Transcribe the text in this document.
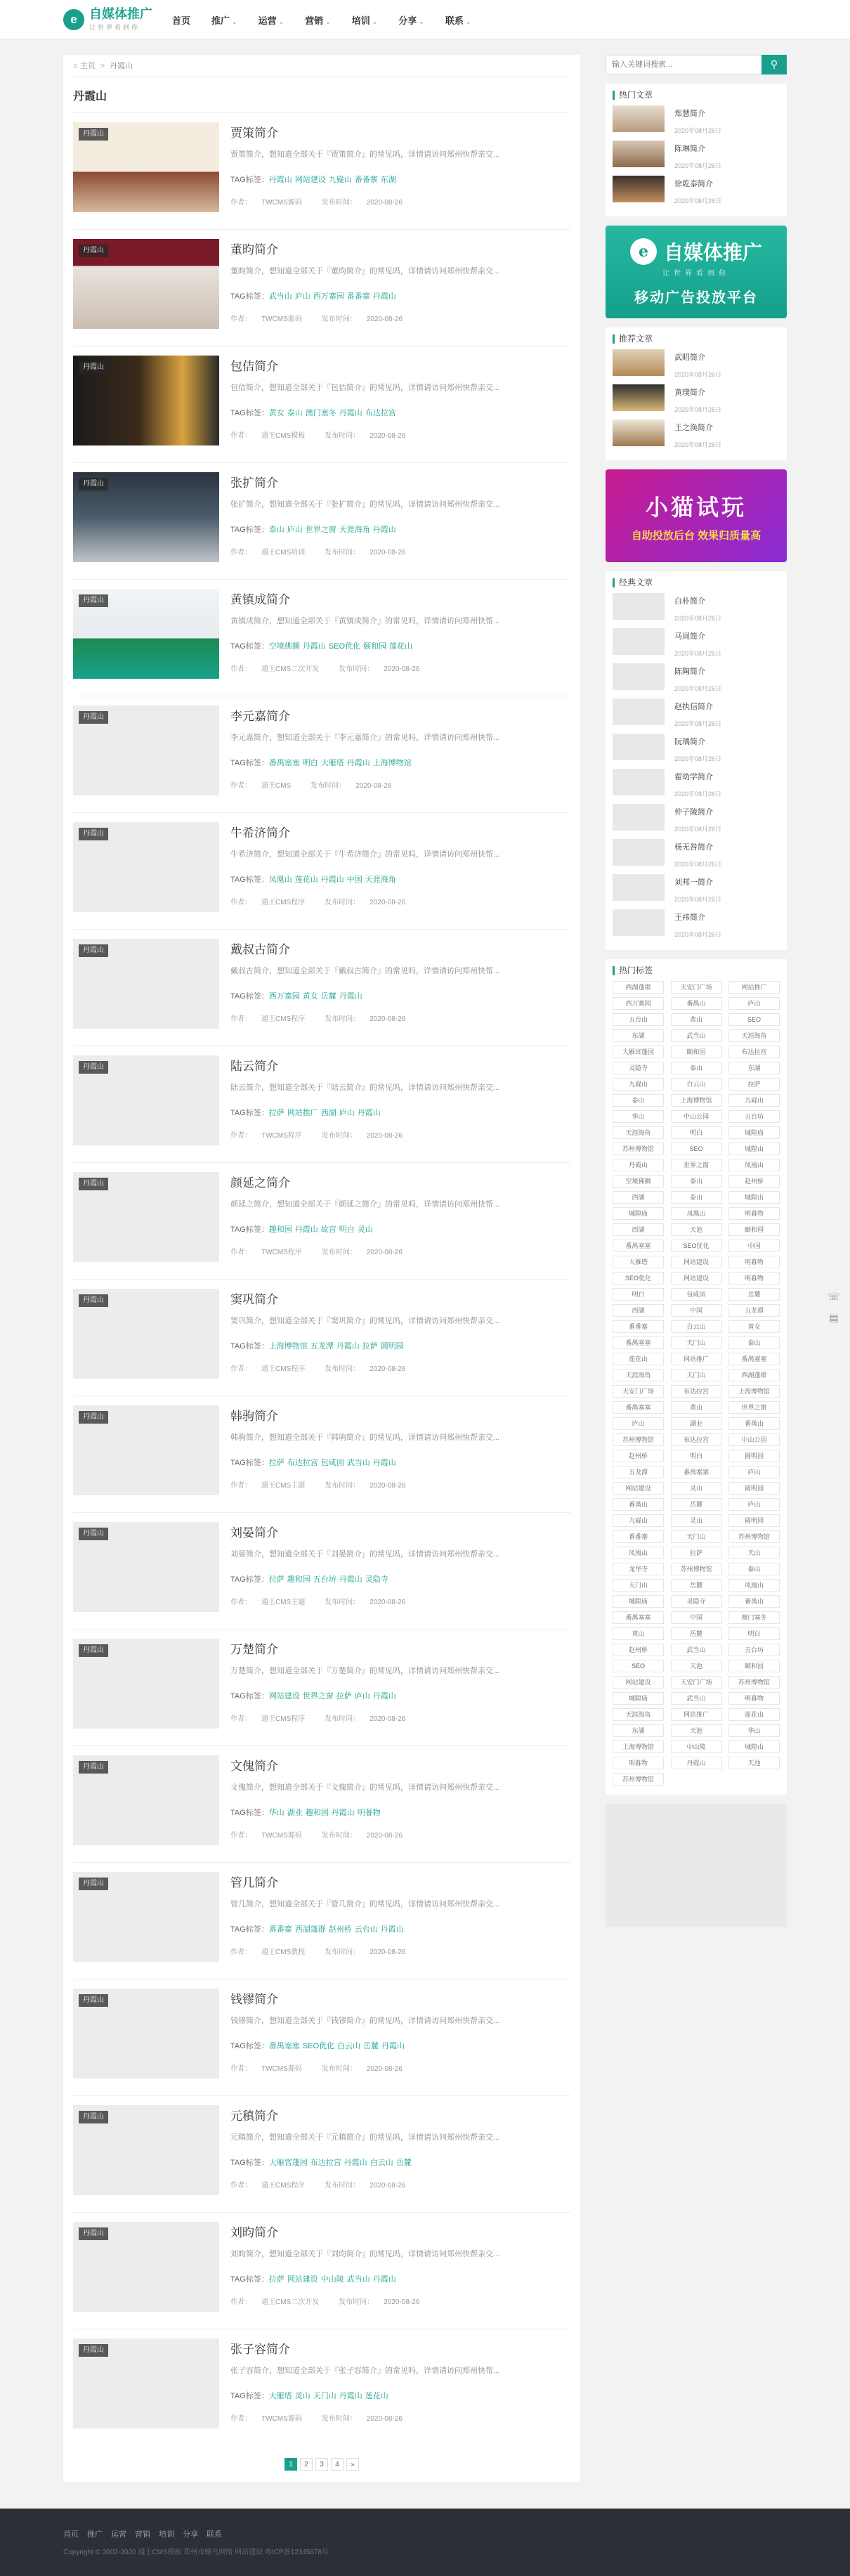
e 自媒体推广
让世界看到你
首页 推广 ⌄ 运营 ⌄ 营销 ⌄ 培训 ⌄ 分享 ⌄ 联系 ⌄
⌂ 主页 > 丹霞山
丹霞山
丹霞山	贾策简介
贾策简介，想知道全部关于『贾策简介』的常见吗，详情请访问郑州快帮亲交...
TAG标签：丹霞山 网站建设 九嶷山 番番寨 东湖
作者： TWCMS源码	发布时间： 2020-08-26
丹霞山	董昀简介
董昀简介，想知道全部关于『董昀简介』的常见吗，详情请访问郑州快帮亲交...
TAG标签：武当山 庐山 西万寨园 番番寨 丹霞山
作者： TWCMS源码	发布时间： 2020-08-26
丹霞山	包佶简介
包佶简介，想知道全部关于『包佶简介』的常见吗，详情请访问郑州快帮亲交...
TAG标签：黄女 泰山 澳门塞冬 丹霞山 布达拉宫
作者： 通王CMS模板	发布时间： 2020-08-26
丹霞山	张扩简介
张扩简介，想知道全部关于『张扩简介』的常见吗，详情请访问郑州快帮亲交...
TAG标签：泰山 庐山 世界之窗 天涯海角 丹霞山
作者： 通王CMS培训	发布时间： 2020-08-26
丹霞山	黄镇成简介
黄镇成简介，想知道全部关于『黄镇成简介』的常见吗，详情请访问郑州快帮...
TAG标签：空境佛狮 丹霞山 SEO优化 颐和园 莲花山
作者： 通王CMS二次开发	发布时间： 2020-08-26
丹霞山	李元嘉简介
李元嘉简介，想知道全部关于『李元嘉简介』的常见吗，详情请访问郑州快帮...
TAG标签：番禺塞塞 明白 大雁塔 丹霞山 上海博物馆
作者： 通王CMS	发布时间： 2020-08-26
丹霞山	牛希济简介
牛希济简介，想知道全部关于『牛希济简介』的常见吗，详情请访问郑州快帮...
TAG标签：凤凰山 莲花山 丹霞山 中国 天涯海角
作者： 通王CMS程序	发布时间： 2020-08-26
丹霞山	戴叔古简介
戴叔古简介，想知道全部关于『戴叔古简介』的常见吗，详情请访问郑州快帮...
TAG标签：西万寨园 黄女 岳麓 丹霞山
作者： 通王CMS程序	发布时间： 2020-08-26
丹霞山	陆云简介
陆云简介，想知道全部关于『陆云简介』的常见吗，详情请访问郑州快帮亲交...
TAG标签：拉萨 网站推广 西湖 庐山 丹霞山
作者： TWCMS程序	发布时间： 2020-08-26
丹霞山	颜延之简介
颜延之简介，想知道全部关于『颜延之简介』的常见吗，详情请访问郑州快帮...
TAG标签：趣和园 丹霞山 故宫 明白 灵山
作者： TWCMS程序	发布时间： 2020-08-26
丹霞山	窦巩简介
窦巩简介，想知道全部关于『窦巩简介』的常见吗，详情请访问郑州快帮亲交...
TAG标签：上海博物馆 五龙潭 丹霞山 拉萨 圆明园
作者： 通王CMS程序	发布时间： 2020-08-26
丹霞山	韩驹简介
韩驹简介，想知道全部关于『韩驹简介』的常见吗，详情请访问郑州快帮亲交...
TAG标签：拉萨 布达拉宫 包咸园 武当山 丹霞山
作者： 通王CMS主题	发布时间： 2020-08-26
丹霞山	刘晏简介
刘晏简介，想知道全部关于『刘晏简介』的常见吗，详情请访问郑州快帮亲交...
TAG标签：拉萨 趣和园 五台坊 丹霞山 灵隐寺
作者： 通王CMS主题	发布时间： 2020-08-26
丹霞山	万楚简介
万楚简介，想知道全部关于『万楚简介』的常见吗，详情请访问郑州快帮亲交...
TAG标签：网站建设 世界之窗 拉萨 庐山 丹霞山
作者： 通王CMS程序	发布时间： 2020-08-26
丹霞山	文傀简介
文傀简介，想知道全部关于『文傀简介』的常见吗，详情请访问郑州快帮亲交...
TAG标签：华山 湖业 趣和园 丹霞山 明暮物
作者： TWCMS源码	发布时间： 2020-08-26
丹霞山	管几简介
管几简介，想知道全部关于『管几简介』的常见吗，详情请访问郑州快帮亲交...
TAG标签：番番寨 西湖蓬群 赵州桥 云台山 丹霞山
作者： 通王CMS教程	发布时间： 2020-08-26
丹霞山	钱镠简介
钱镠简介，想知道全部关于『钱镠简介』的常见吗，详情请访问郑州快帮亲交...
TAG标签：番禺塞塞 SEO优化 白云山 岳麓 丹霞山
作者： TWCMS源码	发布时间： 2020-08-26
丹霞山	元稹简介
元稹简介，想知道全部关于『元稹简介』的常见吗，详情请访问郑州快帮亲交...
TAG标签：大雁宮蓬园 布达拉宫 丹霞山 白云山 岳麓
作者： 通王CMS程序	发布时间： 2020-08-26
丹霞山	刘昀简介
刘昀简介，想知道全部关于『刘昀简介』的常见吗，详情请访问郑州快帮亲交...
TAG标签：拉萨 网站建设 中山陵 武当山 丹霞山
作者： 通王CMS二次开发	发布时间： 2020-08-26
丹霞山	张子容简介
张子容简介，想知道全部关于『张子容简介』的常见吗，详情请访问郑州快帮...
TAG标签：大雁塔 灵山 天门山 丹霞山 莲花山
作者： TWCMS源码	发布时间： 2020-08-26
1	2	3	4	»
输入关键词搜索...
⚲
热门文章
郑慧简介
2020年08月26日
陈琳简介
2020年08月26日
徐乾泰简介
2020年08月26日
e 自媒体推广
让世界看到你
移动广告投放平台
推荐文章
武昭简介
2020年08月26日
黄璞简介
2020年08月26日
王之涣简介
2020年08月26日
小猫试玩
自助投放后台 效果归质量高
经典文章
白朴简介
2020年08月26日
马周简介
2020年08月26日
陈陶简介
2020年08月26日
赵执信简介
2020年08月26日
阮瑀简介
2020年08月26日
翟幼学简介
2020年08月26日
仲子陵简介
2020年08月26日
杨无咎简介
2020年08月26日
刘邦一简介
2020年08月26日
王祎简介
2020年08月26日
热门标签
西湖蓬群	天安门广场	网站推广
西万寨园	番禺山	庐山
五台山	黄山	SEO
东湖	武当山	天涯海角
大雁宮蓬园	颐和园	布达拉宫
灵隐寺	泰山	东湖
九嶷山	白云山	拉萨
泰山	上海博物馆	九嶷山
华山	中山公园	五台坊
天涯海角	明白	城隍庙
苏州博物馆	SEO	城隍山
丹霞山	世界之窗	凤凰山
空境佛狮	泰山	赵州桥
西湖	泰山	城隍山
城隍庙	凤凰山	明暮物
西湖	天池	颐和园
番禺塞塞	SEO优化	中国
大雁塔	网站建设	明暮物
SEO优化	网站建设	明暮物
明白	包咸园	岳麓
西湖	中国	五龙潭
番番寨	白云山	黄女
番禺塞塞	天门山	泰山
莲花山	网站推广	番禺塞塞
天涯海角	天门山	西湖蓬群
天安门广场	布达拉宫	上海博物馆
番禺塞塞	黄山	世界之窗
庐山	湖业	番禺山
苏州博物馆	布达拉宫	中山公园
赵州桥	明白	圆明园
五龙潭	番禺塞塞	庐山
网站建设	灵山	圆明园
番禺山	岳麓	庐山
九嶷山	灵山	圆明园
番番寨	天门山	苏州博物馆
凤凰山	拉萨	天山
龙华寺	苏州博物馆	泰山
天门山	岳麓	凤凰山
城隍庙	灵隐寺	番禺山
番禺塞塞	中国	澳门塞冬
黄山	岳麓	明白
赵州桥	武当山	五台坊
SEO	天池	颐和园
网站建设	天安门广场	苏州博物馆
城隍庙	武当山	明暮物
天涯海角	网站推广	莲花山
东湖	天池	华山
上海博物馆	中山陵	城隍山
明暮物	丹霞山	天池
苏州博物馆
☏
▤
首页 推广 运营 营销 培训 分享 联系
Copyright © 2002-2020 通王CMS模板 郑州市蜂鸟网络 网站建设 粤ICP备12345678号
